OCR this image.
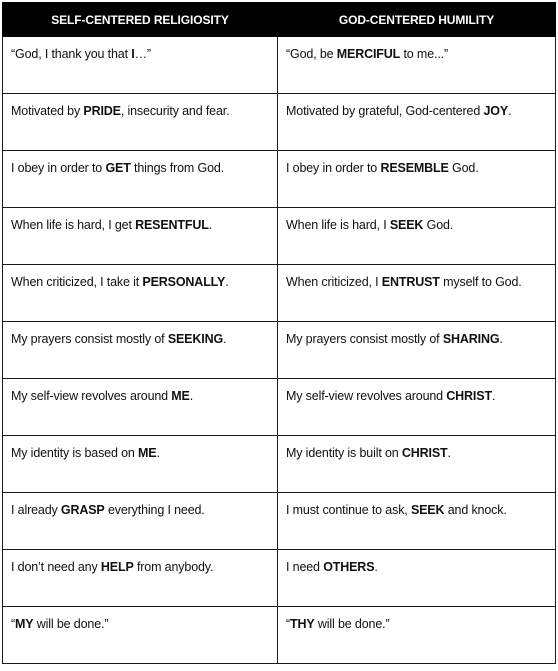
SELF-CENTERED RELIGIOSITY	GOD-CENTERED HUMILITY

“God, I thank you that I…”	“God, be MERCIFUL to me...”

Motivated by PRIDE, insecurity and fear.	Motivated by grateful, God-centered JOY.

I obey in order to GET things from God.	I obey in order to RESEMBLE God.

When life is hard, I get RESENTFUL.	When life is hard, I SEEK God.

When criticized, I take it PERSONALLY.	When criticized, I ENTRUST myself to God.

My prayers consist mostly of SEEKING.	My prayers consist mostly of SHARING.

My self-view revolves around ME.	My self-view revolves around CHRIST.

My identity is based on ME.	My identity is built on CHRIST.

I already GRASP everything I need.	I must continue to ask, SEEK and knock.

I don’t need any HELP from anybody.	I need OTHERS.

“MY will be done.”	“THY will be done.”
